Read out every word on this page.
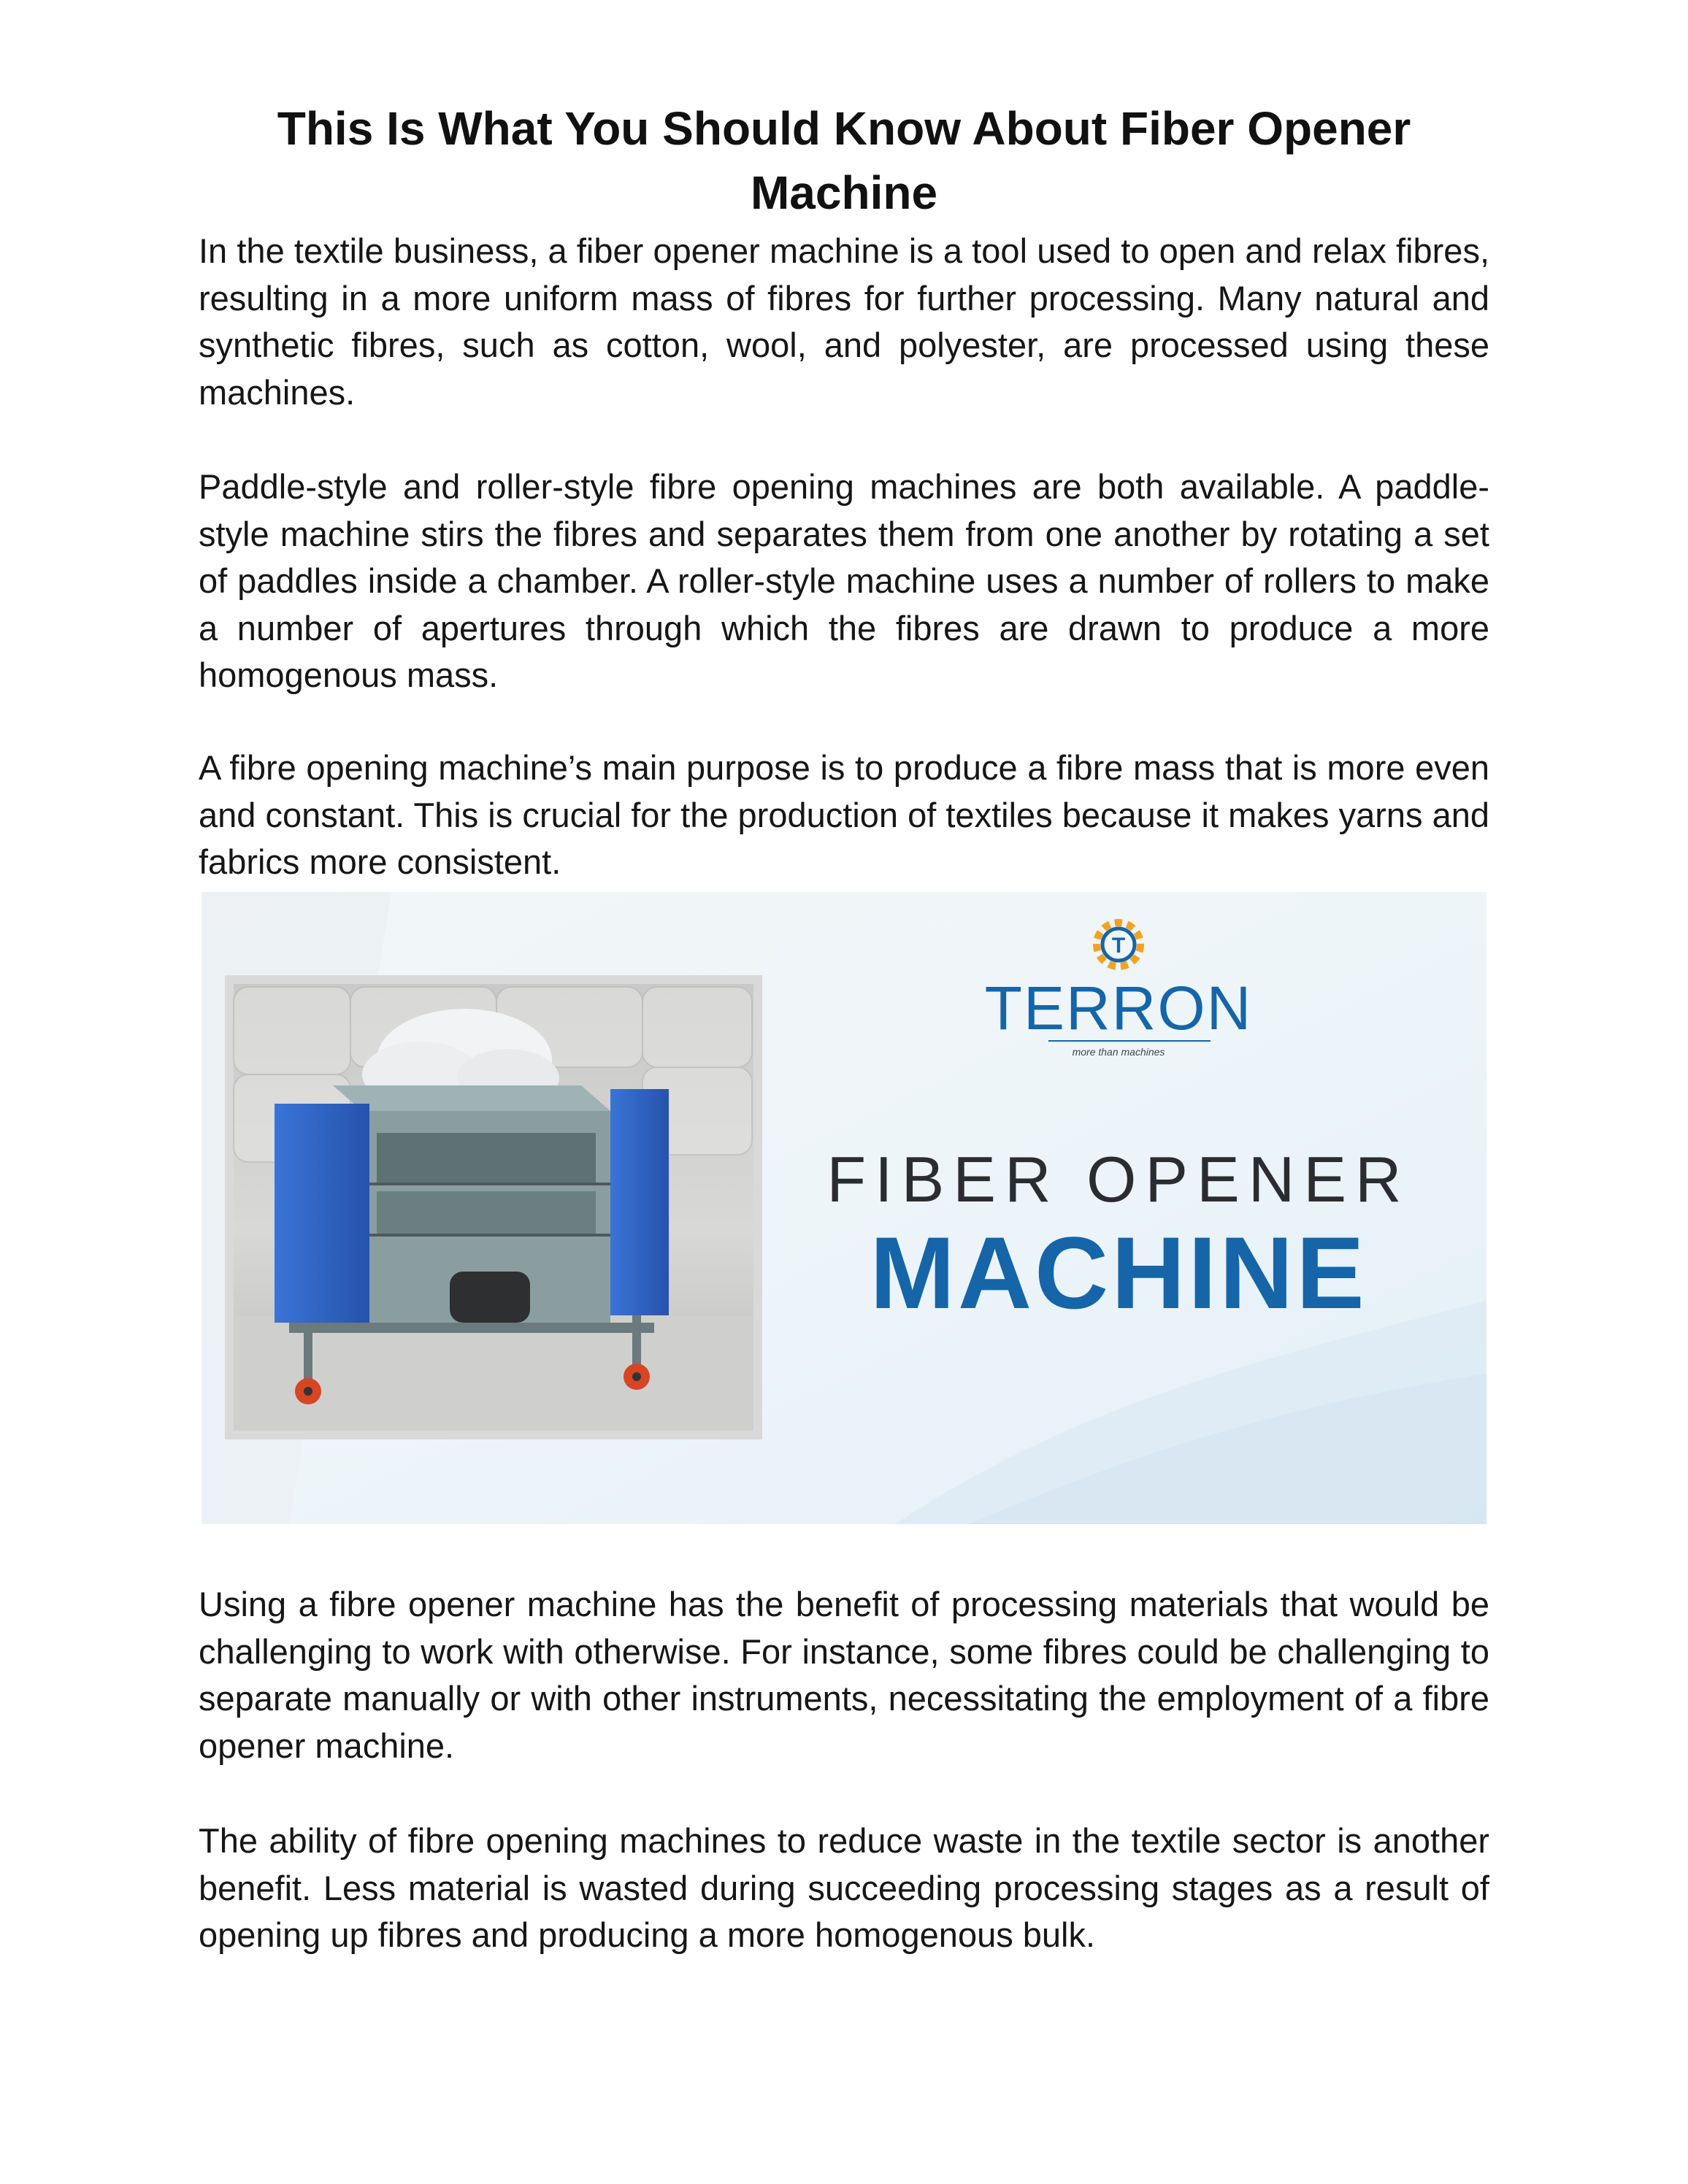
This Is What You Should Know About Fiber Opener Machine

In the textile business, a fiber opener machine is a tool used to open and relax fibres, resulting in a more uniform mass of fibres for further processing. Many natural and synthetic fibres, such as cotton, wool, and polyester, are processed using these machines.

Paddle-style and roller-style fibre opening machines are both available. A paddle-style machine stirs the fibres and separates them from one another by rotating a set of paddles inside a chamber. A roller-style machine uses a number of rollers to make a number of apertures through which the fibres are drawn to produce a more homogenous mass.

A fibre opening machine’s main purpose is to produce a fibre mass that is more even and constant. This is crucial for the production of textiles because it makes yarns and fabrics more consistent.

T
TERRON
more than machines
FIBER OPENER
MACHINE

Using a fibre opener machine has the benefit of processing materials that would be challenging to work with otherwise. For instance, some fibres could be challenging to separate manually or with other instruments, necessitating the employment of a fibre opener machine.

The ability of fibre opening machines to reduce waste in the textile sector is another benefit. Less material is wasted during succeeding processing stages as a result of opening up fibres and producing a more homogenous bulk.
